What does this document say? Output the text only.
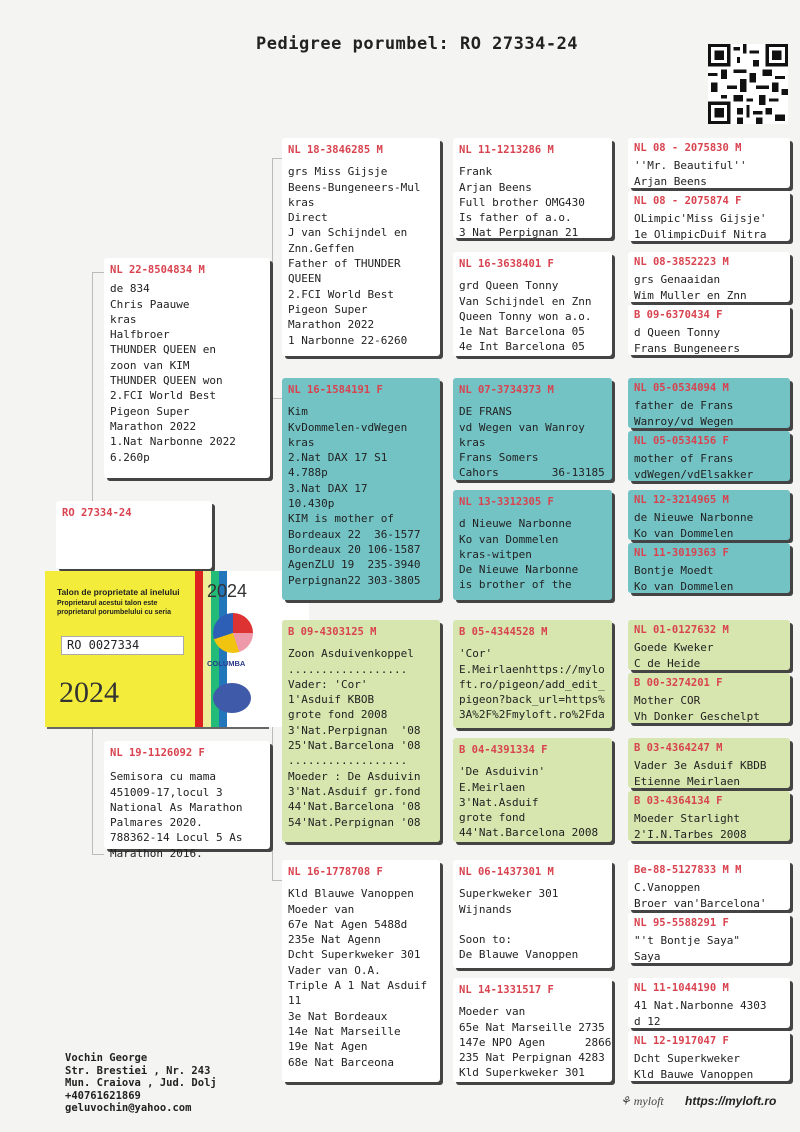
Pedigree porumbel: RO 27334-24
RO 27334-24
Talon de proprietate al inelului
Proprietarul acestui talon este proprietarul porumbelului cu seria
RO 0027334
2024
2024
COLUMBA
NL 22-8504834 M
de 834
Chris Paauwe
kras
Halfbroer
THUNDER QUEEN en
zoon van KIM
THUNDER QUEEN won
2.FCI World Best
Pigeon Super
Marathon 2022
1.Nat Narbonne 2022
6.260p
NL 19-1126092 F
Semisora cu mama
451009-17,locul 3
National As Marathon
Palmares 2020.
788362-14 Locul 5 As
Marathon 2016.
NL 18-3846285 M
grs Miss Gijsje
Beens-Bungeneers-Mul
kras
Direct
J van Schijndel en
Znn.Geffen
Father of THUNDER
QUEEN
2.FCI World Best
Pigeon Super
Marathon 2022
1 Narbonne 22-6260
NL 16-1584191 F
Kim
KvDommelen-vdWegen
kras
2.Nat DAX 17 S1
4.788p
3.Nat DAX 17
10.430p
KIM is mother of
Bordeaux 22  36-1577
Bordeaux 20 106-1587
AgenZLU 19  235-3940
Perpignan22 303-3805
B 09-4303125 M
Zoon Asduivenkoppel
..................
Vader: 'Cor'
1'Asduif KBOB
grote fond 2008
3'Nat.Perpignan  '08
25'Nat.Barcelona '08
..................
Moeder : De Asduivin
3'Nat.Asduif gr.fond
44'Nat.Barcelona '08
54'Nat.Perpignan '08
NL 16-1778708 F
Kld Blauwe Vanoppen
Moeder van
67e Nat Agen 5488d
235e Nat Agenn
Dcht Superkweker 301
Vader van O.A.
Triple A 1 Nat Asduif
11
3e Nat Bordeaux
14e Nat Marseille
19e Nat Agen
68e Nat Barceona
NL 11-1213286 M
Frank
Arjan Beens
Full brother OMG430
Is father of a.o.
3 Nat Perpignan 21
NL 16-3638401 F
grd Queen Tonny
Van Schijndel en Znn
Queen Tonny won a.o.
1e Nat Barcelona 05
4e Int Barcelona 05
NL 07-3734373 M
DE FRANS
vd Wegen van Wanroy
kras
Frans Somers
Cahors        36-13185
NL 13-3312305 F
d Nieuwe Narbonne
Ko van Dommelen
kras-witpen
De Nieuwe Narbonne
is brother of the
B 05-4344528 M
'Cor'
E.Meirlaenhttps://mylo
ft.ro/pigeon/add_edit_
pigeon?back_url=https%
3A%2F%2Fmyloft.ro%2Fda
B 04-4391334 F
'De Asduivin'
E.Meirlaen
3'Nat.Asduif
grote fond
44'Nat.Barcelona 2008
NL 06-1437301 M
Superkweker 301
Wijnands

Soon to:
De Blauwe Vanoppen
NL 14-1331517 F
Moeder van
65e Nat Marseille 2735
147e NPO Agen      2866
235 Nat Perpignan 4283
Kld Superkweker 301
NL 08 - 2075830 M
''Mr. Beautiful''
Arjan Beens
NL 08 - 2075874 F
OLimpic'Miss Gijsje'
1e OlimpicDuif Nitra
NL 08-3852223 M
grs Genaaidan
Wim Muller en Znn
B 09-6370434 F
d Queen Tonny
Frans Bungeneers
NL 05-0534094 M
father de Frans
Wanroy/vd Wegen
NL 05-0534156 F
mother of Frans
vdWegen/vdElsakker
NL 12-3214965 M
de Nieuwe Narbonne
Ko van Dommelen
NL 11-3019363 F
Bontje Moedt
Ko van Dommelen
NL 01-0127632 M
Goede Kweker
C de Heide
B 00-3274201 F
Mother COR
Vh Donker Geschelpt
B 03-4364247 M
Vader 3e Asduif KBDB
Etienne Meirlaen
B 03-4364134 F
Moeder Starlight
2'I.N.Tarbes 2008
Be-88-5127833 M M
C.Vanoppen
Broer van'Barcelona'
NL 95-5588291 F
"'t Bontje Saya"
Saya
NL 11-1044190 M
41 Nat.Narbonne 4303
d 12
NL 12-1917047 F
Dcht Superkweker
Kld Bauwe Vanoppen
Vochin George
Str. Brestiei , Nr. 243
Mun. Craiova , Jud. Dolj
+40761621869
geluvochin@yahoo.com	⚘ myloft https://myloft.ro
